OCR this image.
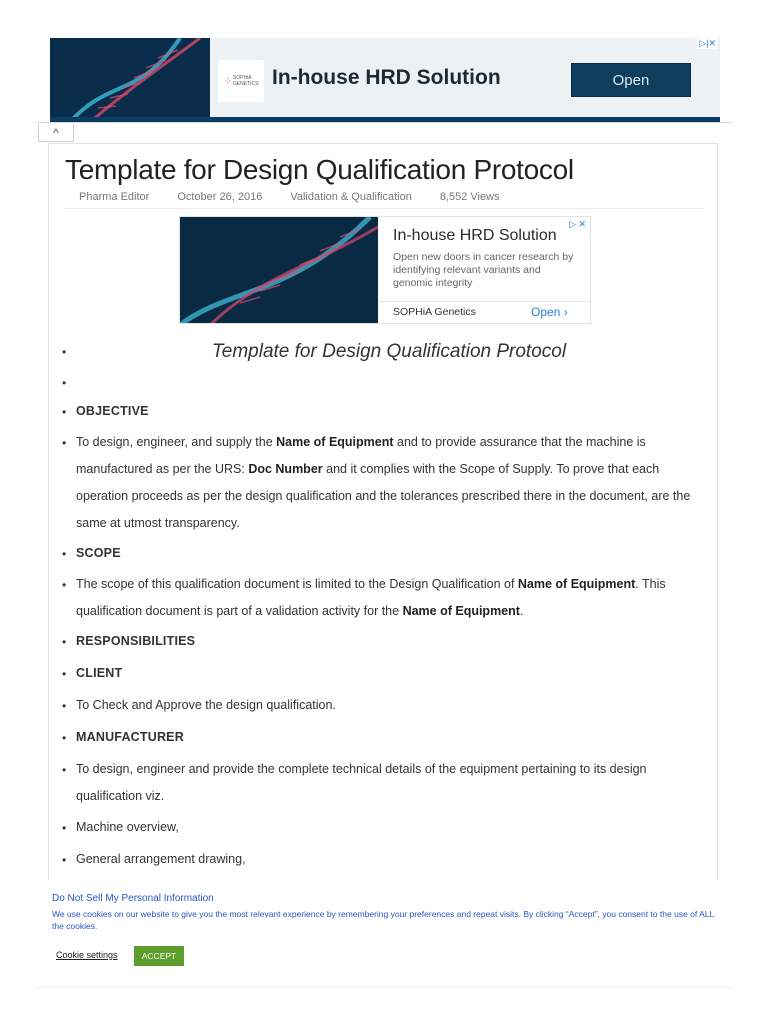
⁘ SOPHiA
GENETICS In-house HRD Solution	Open
▷|✕
^
Template for Design Qualification Protocol
Pharma Editor	October 26, 2016	Validation & Qualification	8,552 Views
In-house HRD Solution
Open new doors in cancer research by identifying relevant variants and genomic integrity
SOPHiA Genetics	Open ›
▷ ✕
•	Template for Design Qualification Protocol
•
• OBJECTIVE
• To design, engineer, and supply the Name of Equipment and to provide assurance that the machine is manufactured as per the URS: Doc Number and it complies with the Scope of Supply. To prove that each operation proceeds as per the design qualification and the tolerances prescribed there in the document, are the same at utmost transparency.
• SCOPE
• The scope of this qualification document is limited to the Design Qualification of Name of Equipment. This qualification document is part of a validation activity for the Name of Equipment.
• RESPONSIBILITIES
• CLIENT
• To Check and Approve the design qualification.
• MANUFACTURER
• To design, engineer and provide the complete technical details of the equipment pertaining to its design qualification viz.
• Machine overview,
• General arrangement drawing,
Do Not Sell My Personal Information
We use cookies on our website to give you the most relevant experience by remembering your preferences and repeat visits. By clicking “Accept”, you consent to the use of ALL the cookies.
Cookie settings	ACCEPT
